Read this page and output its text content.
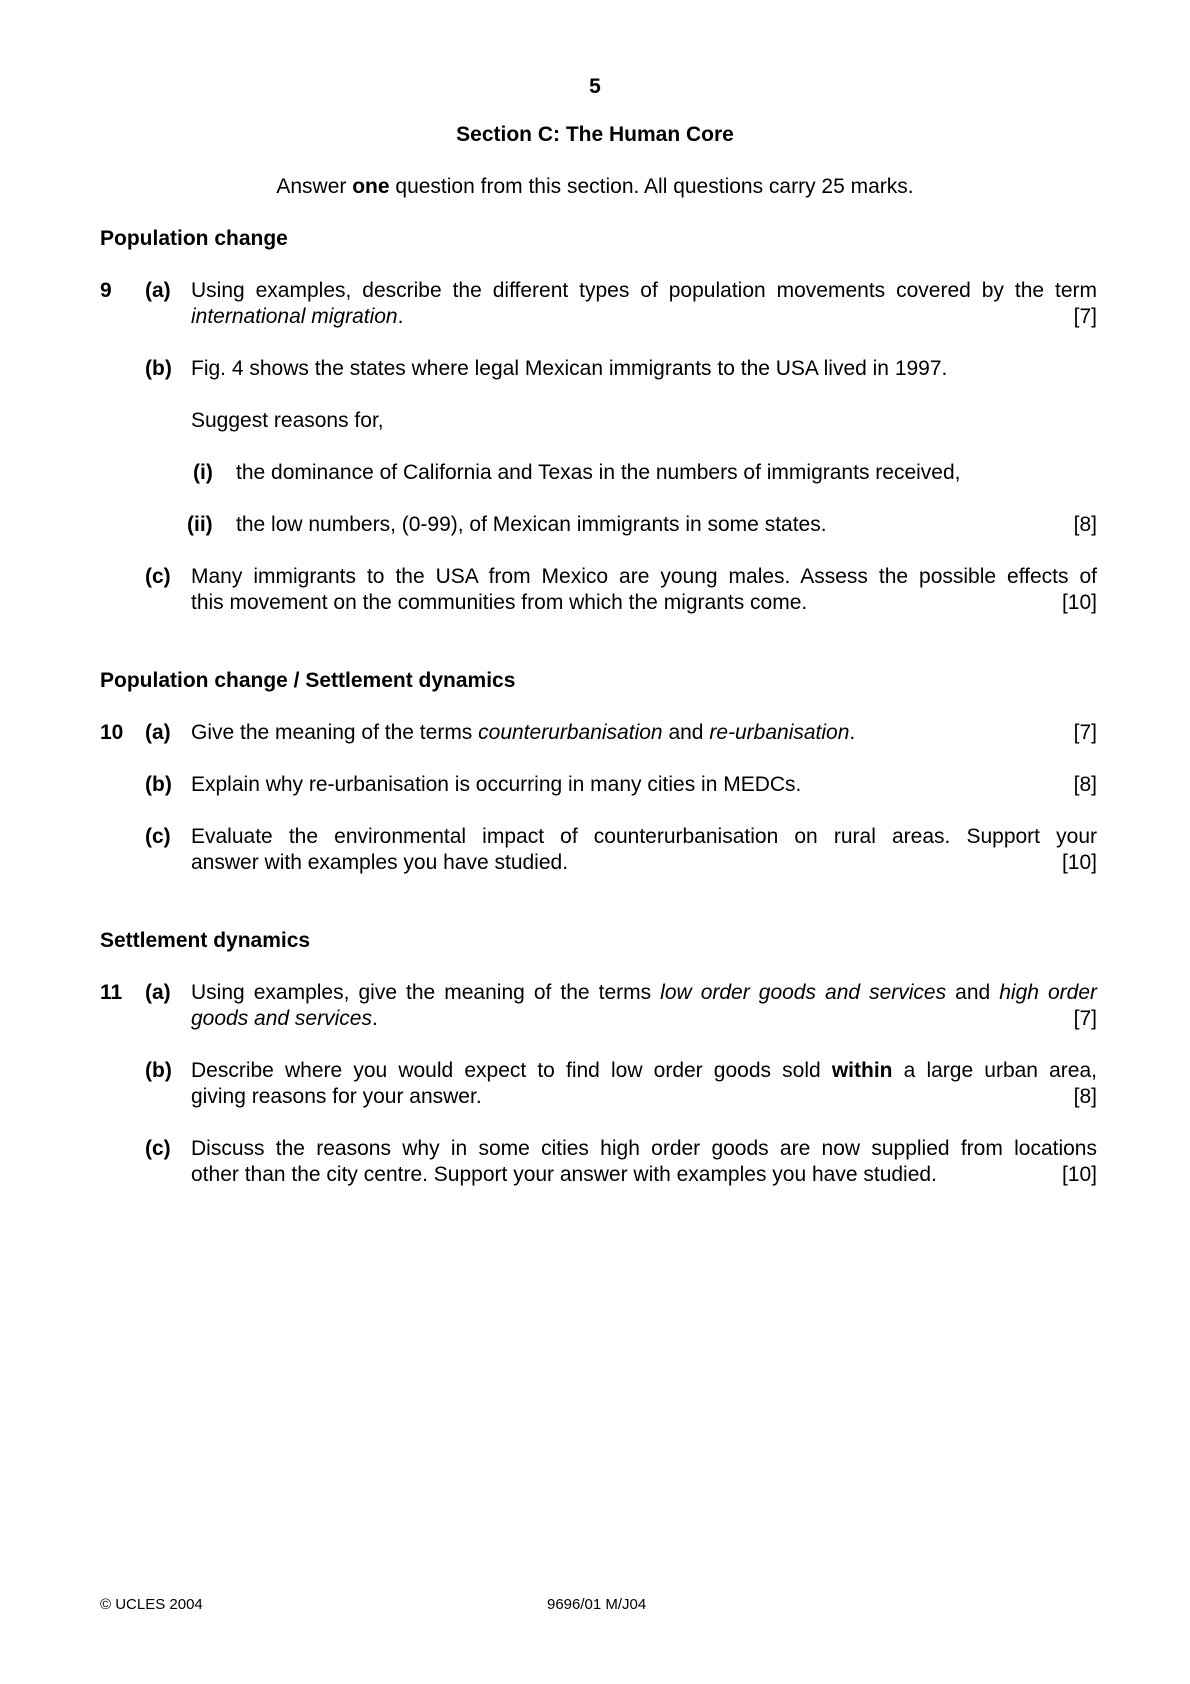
5
Section C: The Human Core
Answer one question from this section. All questions carry 25 marks.
Population change
9 (a) Using examples, describe the different types of population movements covered by the term
international migration.	[7]
(b) Fig. 4 shows the states where legal Mexican immigrants to the USA lived in 1997.
Suggest reasons for,
(i) the dominance of California and Texas in the numbers of immigrants received,
(ii) the low numbers, (0-99), of Mexican immigrants in some states.	[8]
(c) Many immigrants to the USA from Mexico are young males. Assess the possible effects of
this movement on the communities from which the migrants come.	[10]
Population change / Settlement dynamics
10 (a) Give the meaning of the terms counterurbanisation and re-urbanisation.	[7]
(b) Explain why re-urbanisation is occurring in many cities in MEDCs.	[8]
(c) Evaluate the environmental impact of counterurbanisation on rural areas. Support your
answer with examples you have studied.	[10]
Settlement dynamics
11 (a) Using examples, give the meaning of the terms low order goods and services and high order
goods and services.	[7]
(b) Describe where you would expect to find low order goods sold within a large urban area,
giving reasons for your answer.	[8]
(c) Discuss the reasons why in some cities high order goods are now supplied from locations
other than the city centre. Support your answer with examples you have studied.	[10]
© UCLES 2004	9696/01 M/J04
